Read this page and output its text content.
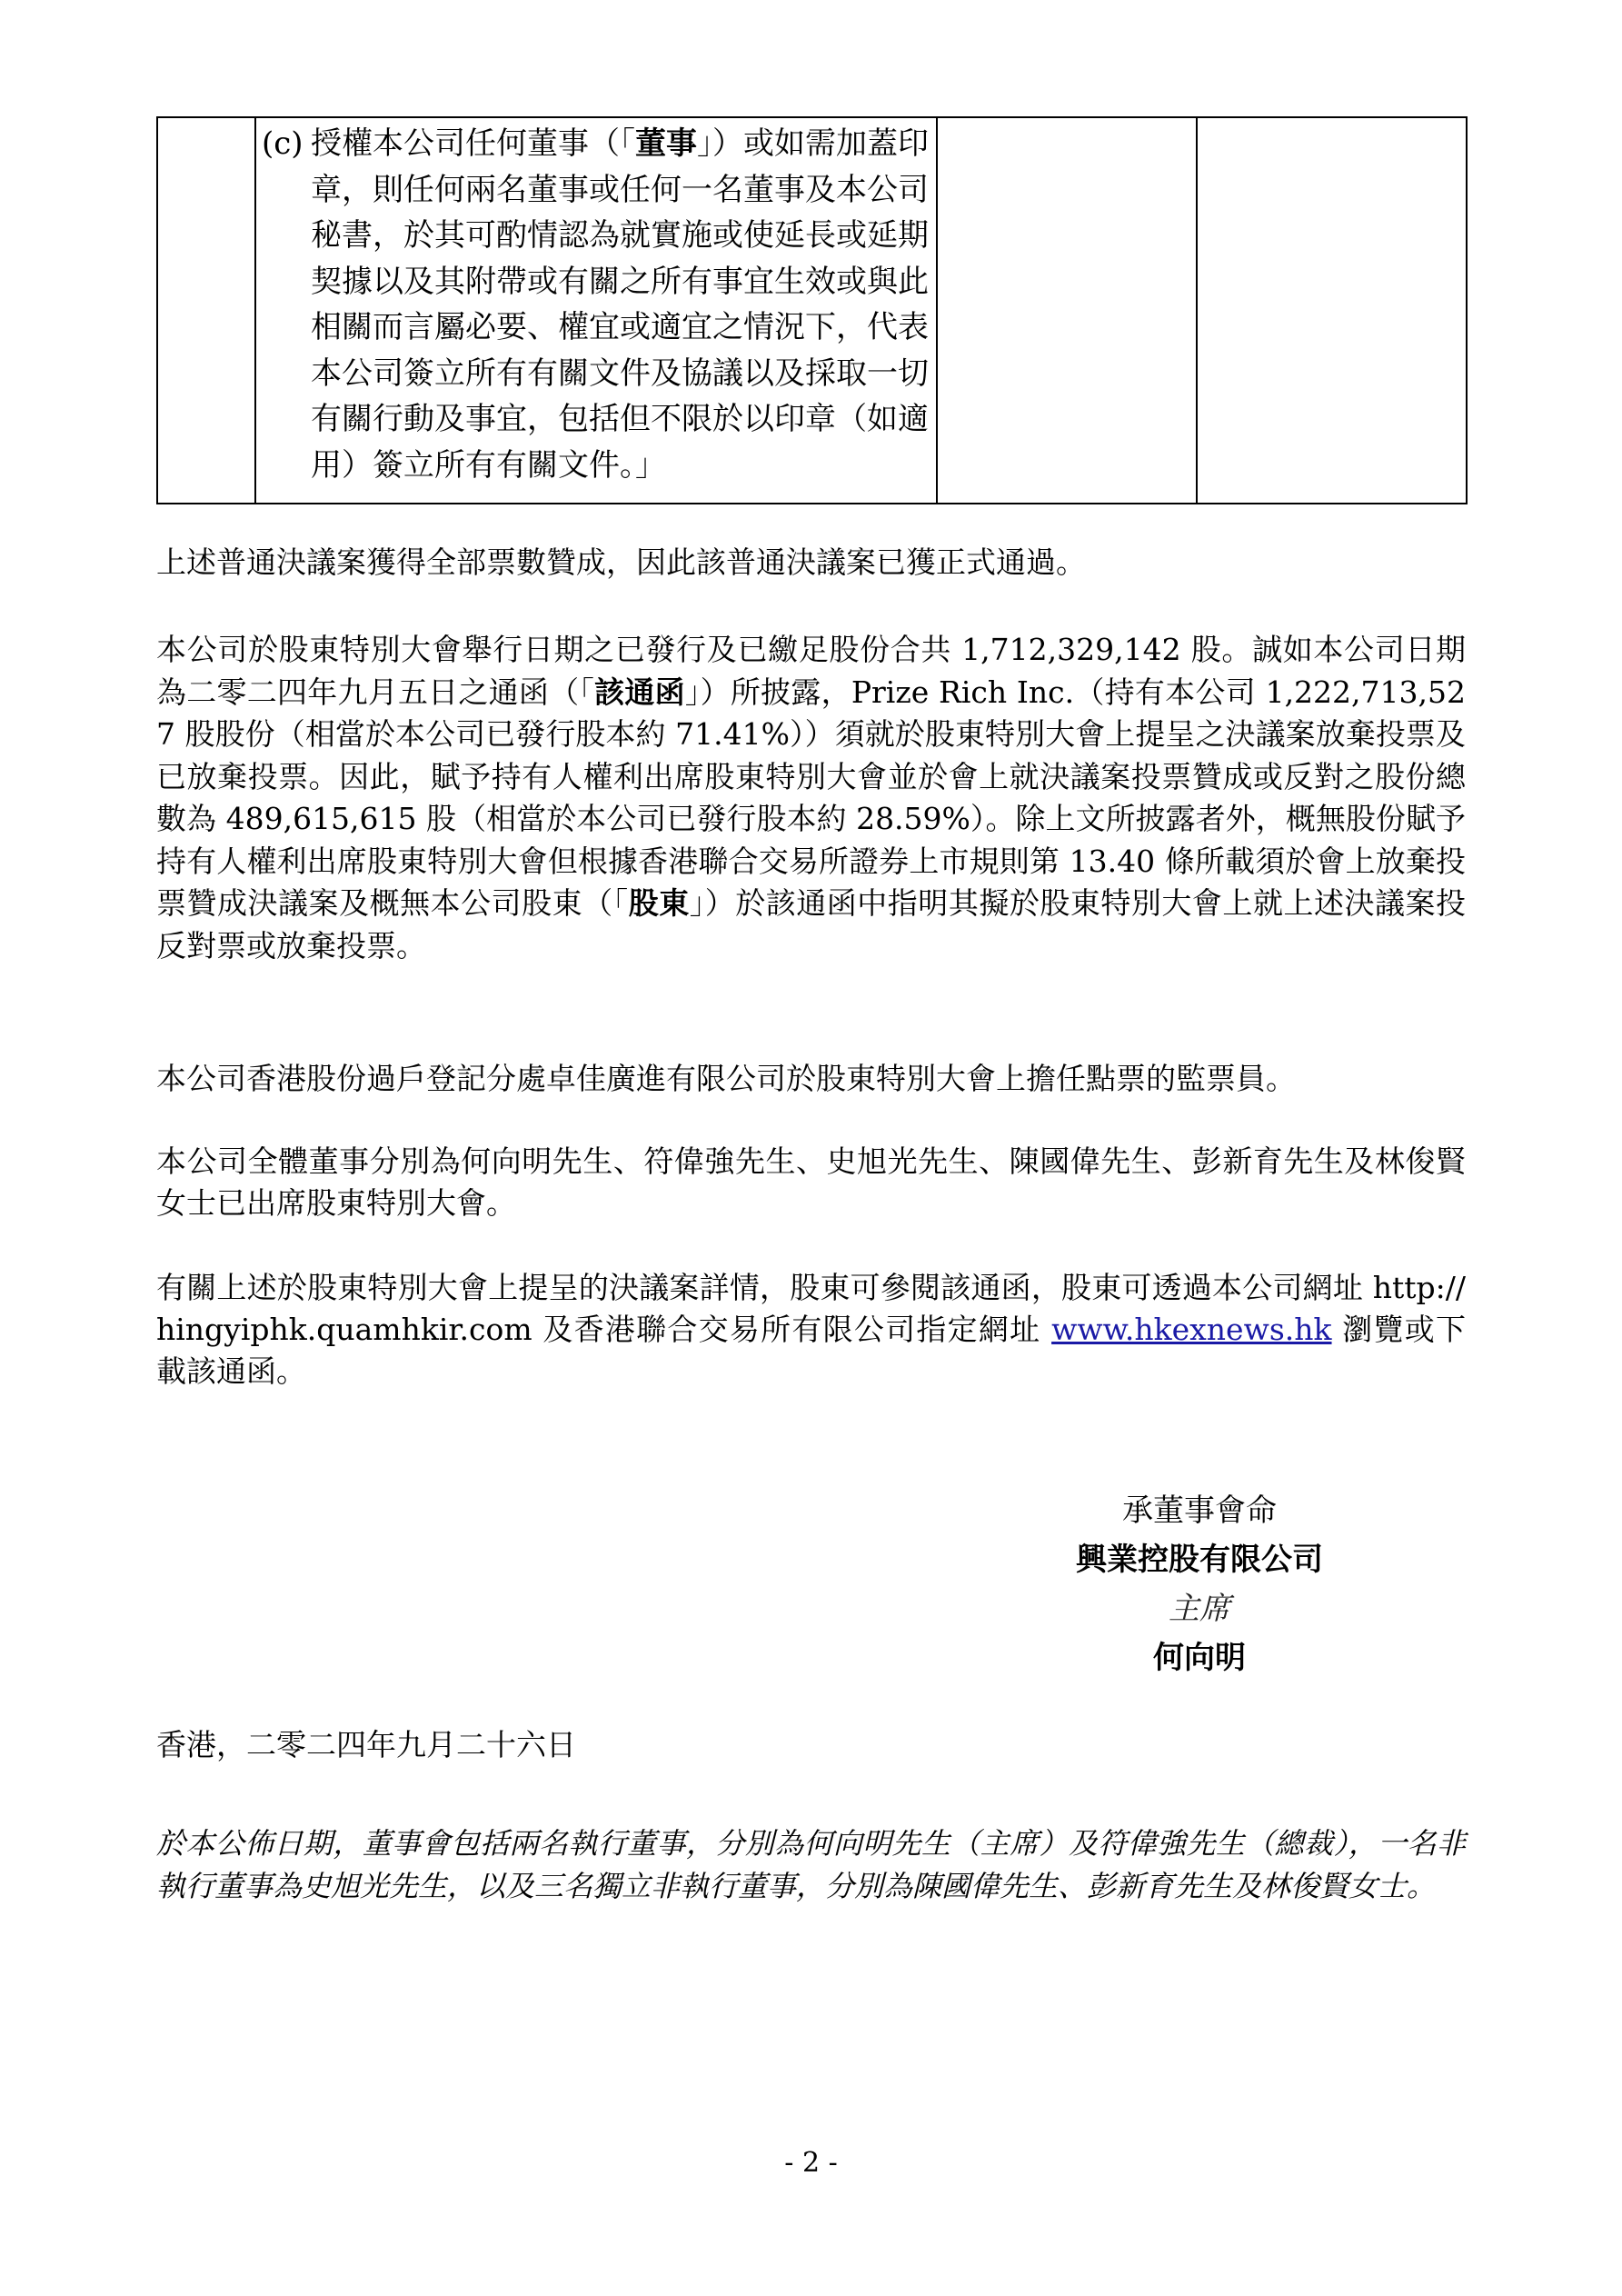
(c) 授權本公司任何董事（「董事」）或如需加蓋印章，則任何兩名董事或任何一名董事及本公司秘書，於其可酌情認為就實施或使延長或延期契據以及其附帶或有關之所有事宜生效或與此相關而言屬必要、權宜或適宜之情況下，代表本公司簽立所有有關文件及協議以及採取一切有關行動及事宜，包括但不限於以印章（如適用）簽立所有有關文件。」

上述普通決議案獲得全部票數贊成，因此該普通決議案已獲正式通過。

本公司於股東特別大會舉行日期之已發行及已繳足股份合共 1,712,329,142 股。誠如本公司日期為二零二四年九月五日之通函（「該通函」）所披露，Prize Rich Inc.（持有本公司 1,222,713,527 股股份（相當於本公司已發行股本約 71.41%））須就於股東特別大會上提呈之決議案放棄投票及已放棄投票。因此，賦予持有人權利出席股東特別大會並於會上就決議案投票贊成或反對之股份總數為 489,615,615 股（相當於本公司已發行股本約 28.59%）。除上文所披露者外，概無股份賦予持有人權利出席股東特別大會但根據香港聯合交易所證券上市規則第 13.40 條所載須於會上放棄投票贊成決議案及概無本公司股東（「股東」）於該通函中指明其擬於股東特別大會上就上述決議案投反對票或放棄投票。

本公司香港股份過戶登記分處卓佳廣進有限公司於股東特別大會上擔任點票的監票員。

本公司全體董事分別為何向明先生、符偉強先生、史旭光先生、陳國偉先生、彭新育先生及林俊賢女士已出席股東特別大會。

有關上述於股東特別大會上提呈的決議案詳情，股東可參閱該通函，股東可透過本公司網址 http://hingyiphk.quamhkir.com 及香港聯合交易所有限公司指定網址 www.hkexnews.hk 瀏覽或下載該通函。

承董事會命
興業控股有限公司
主席
何向明

香港，二零二四年九月二十六日

於本公佈日期，董事會包括兩名執行董事，分別為何向明先生（主席）及符偉強先生（總裁），一名非執行董事為史旭光先生，以及三名獨立非執行董事，分別為陳國偉先生、彭新育先生及林俊賢女士。

- 2 -
